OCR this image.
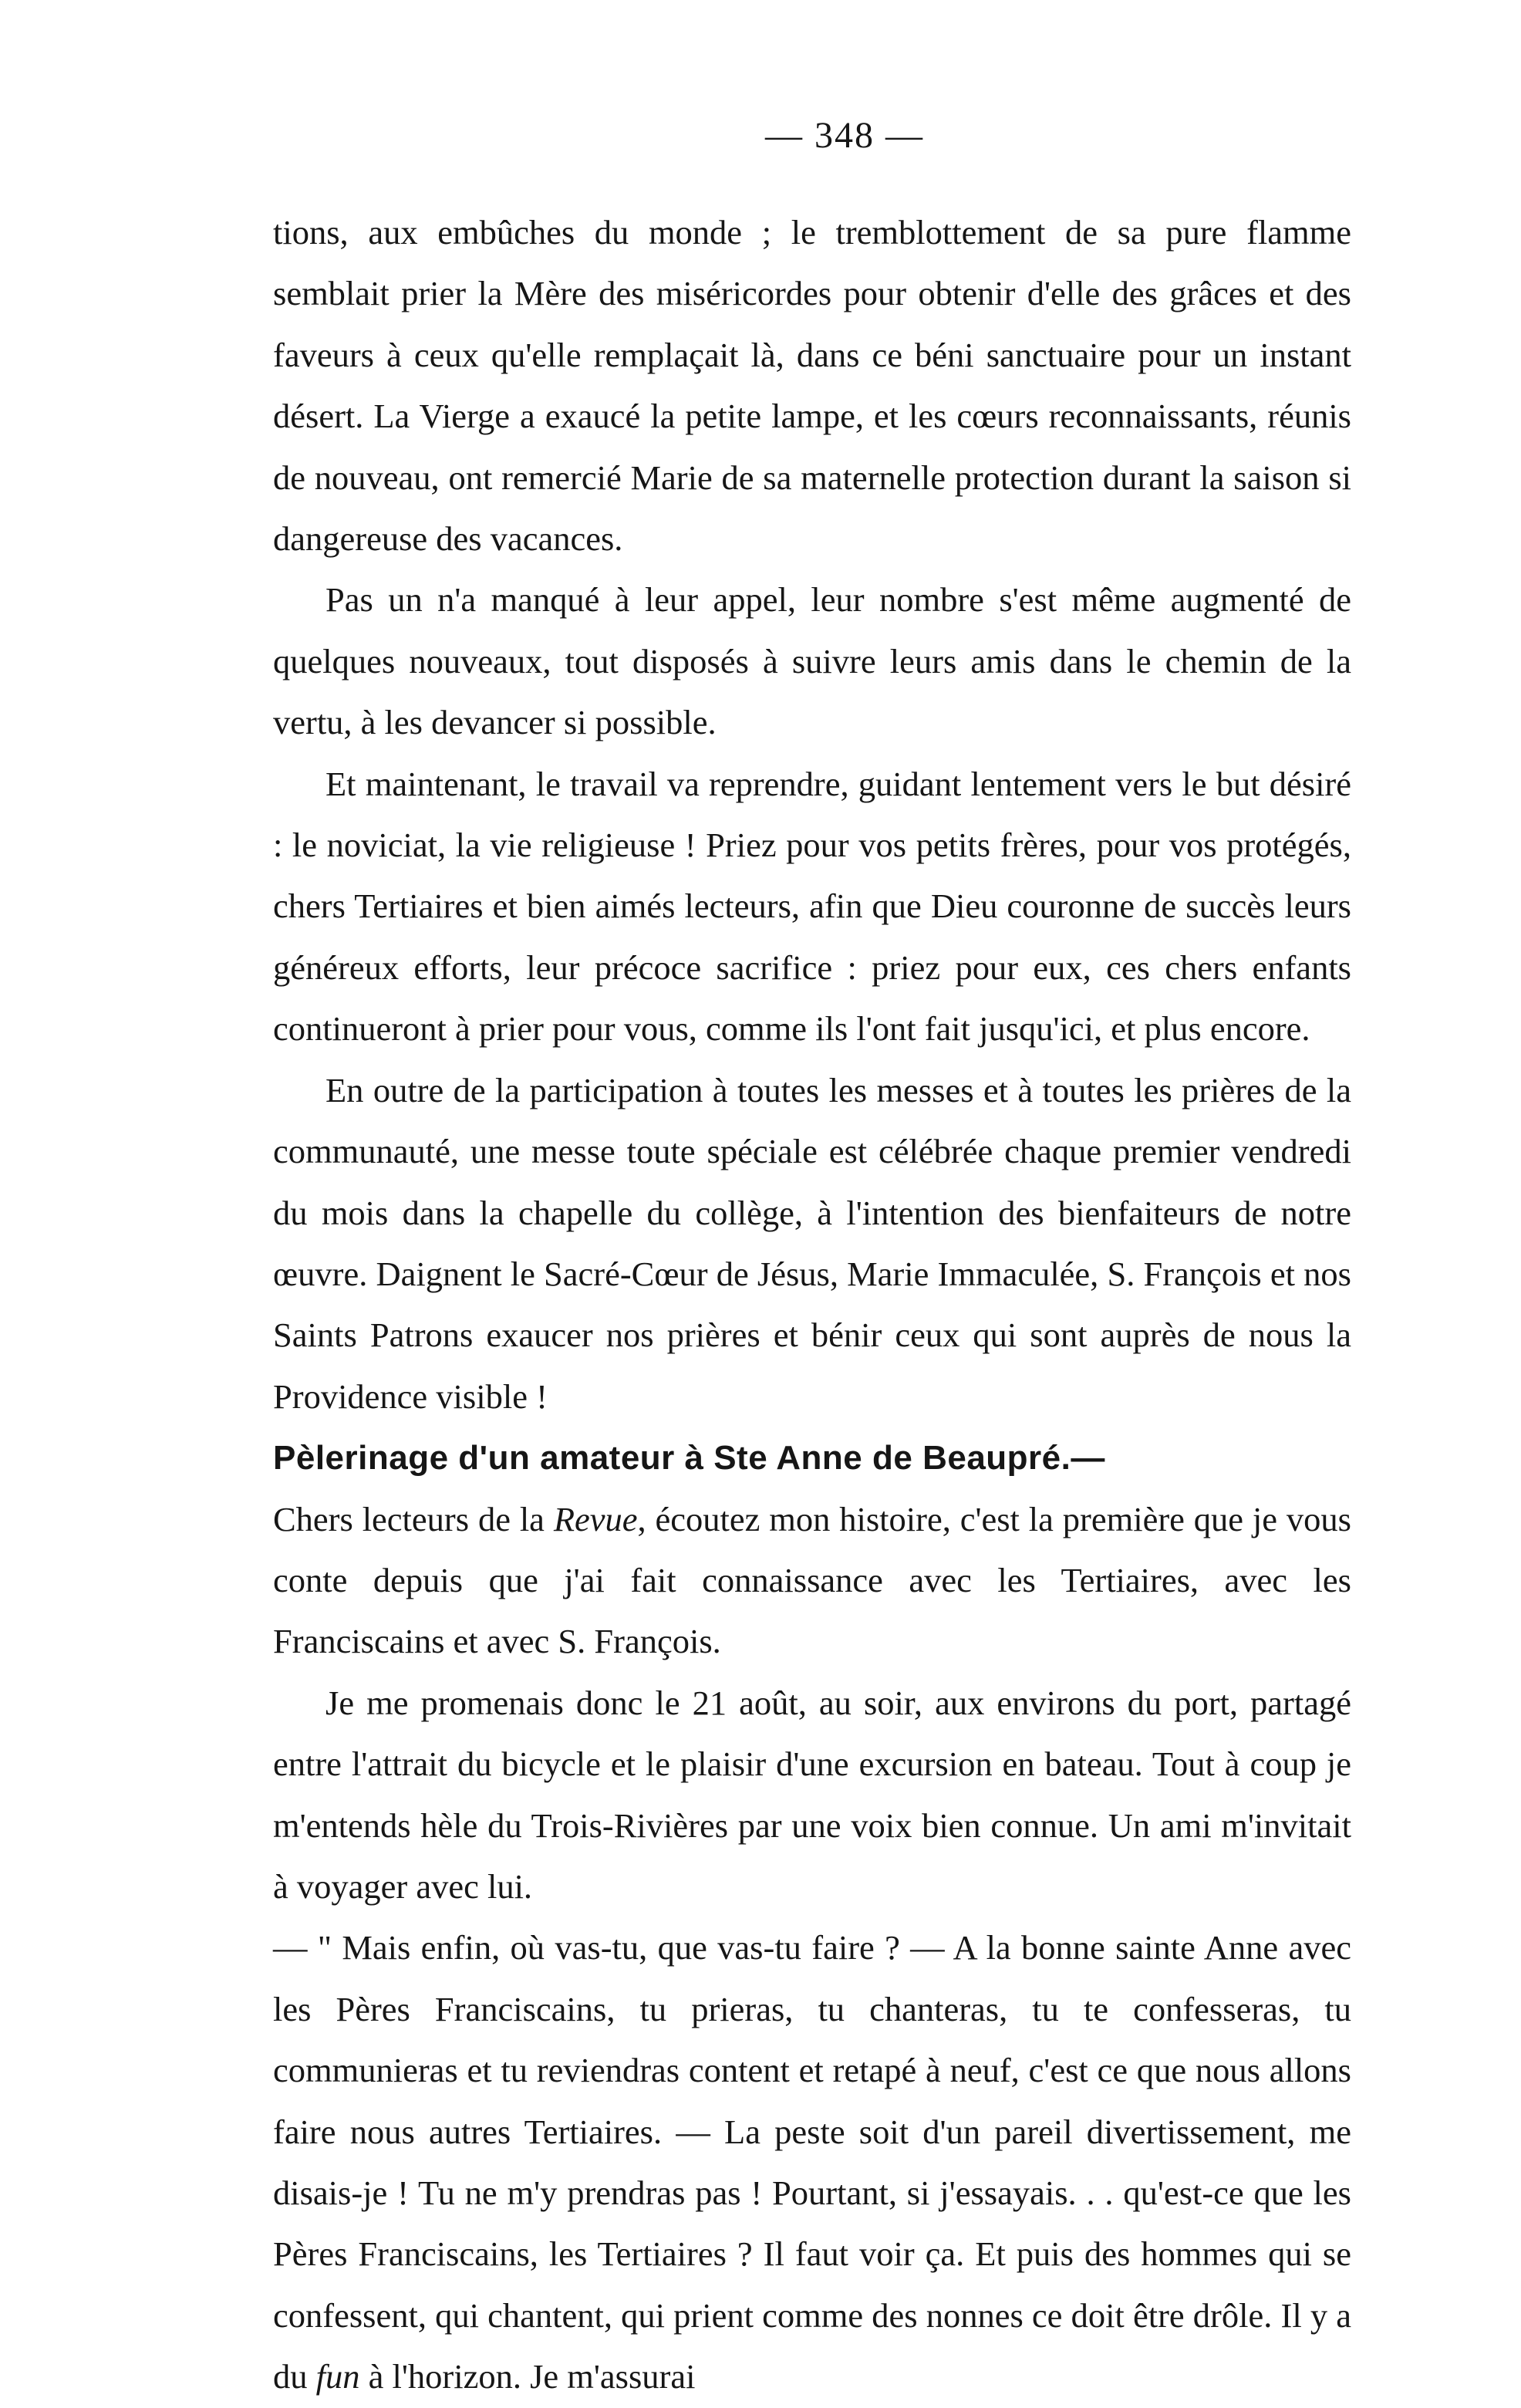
— 348 —

tions, aux embûches du monde ; le tremblottement de sa pure flamme semblait prier la Mère des miséricordes pour obtenir d'elle des grâces et des faveurs à ceux qu'elle remplaçait là, dans ce béni sanctuaire pour un instant désert. La Vierge a exaucé la petite lampe, et les cœurs reconnaissants, réunis de nouveau, ont remercié Marie de sa maternelle protection durant la saison si dangereuse des vacances.

Pas un n'a manqué à leur appel, leur nombre s'est même augmenté de quelques nouveaux, tout disposés à suivre leurs amis dans le chemin de la vertu, à les devancer si possible.

Et maintenant, le travail va reprendre, guidant lentement vers le but désiré : le noviciat, la vie religieuse ! Priez pour vos petits frères, pour vos protégés, chers Tertiaires et bien aimés lecteurs, afin que Dieu couronne de succès leurs généreux efforts, leur précoce sacrifice : priez pour eux, ces chers enfants continueront à prier pour vous, comme ils l'ont fait jusqu'ici, et plus encore.

En outre de la participation à toutes les messes et à toutes les prières de la communauté, une messe toute spéciale est célébrée chaque premier vendredi du mois dans la chapelle du collège, à l'intention des bienfaiteurs de notre œuvre. Daignent le Sacré-Cœur de Jésus, Marie Immaculée, S. François et nos Saints Patrons exaucer nos prières et bénir ceux qui sont auprès de nous la Providence visible !

Pèlerinage d'un amateur à Ste Anne de Beaupré.—

Chers lecteurs de la Revue, écoutez mon histoire, c'est la première que je vous conte depuis que j'ai fait connaissance avec les Tertiaires, avec les Franciscains et avec S. François.

Je me promenais donc le 21 août, au soir, aux environs du port, partagé entre l'attrait du bicycle et le plaisir d'une excursion en bateau. Tout à coup je m'entends hèle du Trois-Rivières par une voix bien connue. Un ami m'invitait à voyager avec lui.

— " Mais enfin, où vas-tu, que vas-tu faire ? — A la bonne sainte Anne avec les Pères Franciscains, tu prieras, tu chanteras, tu te confesseras, tu communieras et tu reviendras content et retapé à neuf, c'est ce que nous allons faire nous autres Tertiaires. — La peste soit d'un pareil divertissement, me disais-je ! Tu ne m'y prendras pas ! Pourtant, si j'essayais. . . qu'est-ce que les Pères Franciscains, les Tertiaires ? Il faut voir ça. Et puis des hommes qui se confessent, qui chantent, qui prient comme des nonnes ce doit être drôle. Il y a du fun à l'horizon. Je m'assurai
